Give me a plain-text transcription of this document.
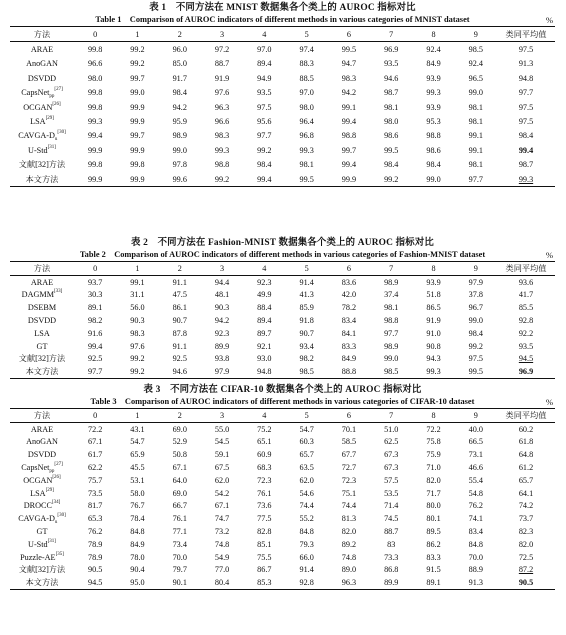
表 1　不同方法在 MNIST 数据集各个类上的 AUROC 指标对比
Table 1　Comparison of AUROC indicators of different methods in various categories of MNIST dataset	%
方法	0	1	2	3	4	5	6	7	8	9	类同平均值
ARAE	99.8	99.2	96.0	97.2	97.0	97.4	99.5	96.9	92.4	98.5	97.5
AnoGAN	96.6	99.2	85.0	88.7	89.4	88.3	94.7	93.5	84.9	92.4	91.3
DSVDD	98.0	99.7	91.7	91.9	94.9	88.5	98.3	94.6	93.9	96.5	94.8
CapsNet$_{pp}$[27]	99.8	99.0	98.4	97.6	93.5	97.0	94.2	98.7	99.3	99.0	97.7
OCGAN[26]	99.8	99.9	94.2	96.3	97.5	98.0	99.1	98.1	93.9	98.1	97.5
LSA[29]	99.3	99.9	95.9	96.6	95.6	96.4	99.4	98.0	95.3	98.1	97.5
CAVGA-$D_u[30]$	99.4	99.7	98.9	98.3	97.7	96.8	98.8	98.6	98.8	99.1	98.4
U-Std[31]	99.9	99.9	99.0	99.3	99.2	99.3	99.7	99.5	98.6	99.1	99.4
文献[32]方法	99.8	99.8	97.8	98.8	98.4	98.1	99.4	98.4	98.4	98.1	98.7
本文方法	99.9	99.9	99.6	99.2	99.4	99.5	99.9	99.2	99.0	97.7	99.3
表 2　不同方法在 Fashion-MNIST 数据集各个类上的 AUROC 指标对比
Table 2　Comparison of AUROC indicators of different methods in various categories of Fashion-MNIST dataset	%
方法	0	1	2	3	4	5	6	7	8	9	类同平均值
ARAE	93.7	99.1	91.1	94.4	92.3	91.4	83.6	98.9	93.9	97.9	93.6
DAGMM[33]	30.3	31.1	47.5	48.1	49.9	41.3	42.0	37.4	51.8	37.8	41.7
DSEBM	89.1	56.0	86.1	90.3	88.4	85.9	78.2	98.1	86.5	96.7	85.5
DSVDD	98.2	90.3	90.7	94.2	89.4	91.8	83.4	98.8	91.9	99.0	92.8
LSA	91.6	98.3	87.8	92.3	89.7	90.7	84.1	97.7	91.0	98.4	92.2
GT	99.4	97.6	91.1	89.9	92.1	93.4	83.3	98.9	90.8	99.2	93.5
文献[32]方法	92.5	99.2	92.5	93.8	93.0	98.2	84.9	99.0	94.3	97.5	94.5
本文方法	97.7	99.2	94.6	97.9	94.8	98.5	88.8	98.5	99.3	99.5	96.9
表 3　不同方法在 CIFAR-10 数据集各个类上的 AUROC 指标对比
Table 3　Comparison of AUROC indicators of different methods in various categories of CIFAR-10 dataset	%
方法	0	1	2	3	4	5	6	7	8	9	类同平均值
ARAE	72.2	43.1	69.0	55.0	75.2	54.7	70.1	51.0	72.2	40.0	60.2
AnoGAN	67.1	54.7	52.9	54.5	65.1	60.3	58.5	62.5	75.8	66.5	61.8
DSVDD	61.7	65.9	50.8	59.1	60.9	65.7	67.7	67.3	75.9	73.1	64.8
CapsNet$_{pp}$[27]	62.2	45.5	67.1	67.5	68.3	63.5	72.7	67.3	71.0	46.6	61.2
OCGAN[26]	75.7	53.1	64.0	62.0	72.3	62.0	72.3	57.5	82.0	55.4	65.7
LSA[29]	73.5	58.0	69.0	54.2	76.1	54.6	75.1	53.5	71.7	54.8	64.1
DROCC[34]	81.7	76.7	66.7	67.1	73.6	74.4	74.4	71.4	80.0	76.2	74.2
CAVGA-$D_u[30]$	65.3	78.4	76.1	74.7	77.5	55.2	81.3	74.5	80.1	74.1	73.7
GT	76.2	84.8	77.1	73.2	82.8	84.8	82.0	88.7	89.5	83.4	82.3
U-Std[31]	78.9	84.9	73.4	74.8	85.1	79.3	89.2	83	86.2	84.8	82.0
Puzzle-AE[35]	78.9	78.0	70.0	54.9	75.5	66.0	74.8	73.3	83.3	70.0	72.5
文献[32]方法	90.5	90.4	79.7	77.0	86.7	91.4	89.0	86.8	91.5	88.9	87.2
本文方法	94.5	95.0	90.1	80.4	85.3	92.8	96.3	89.9	89.1	91.3	90.5
